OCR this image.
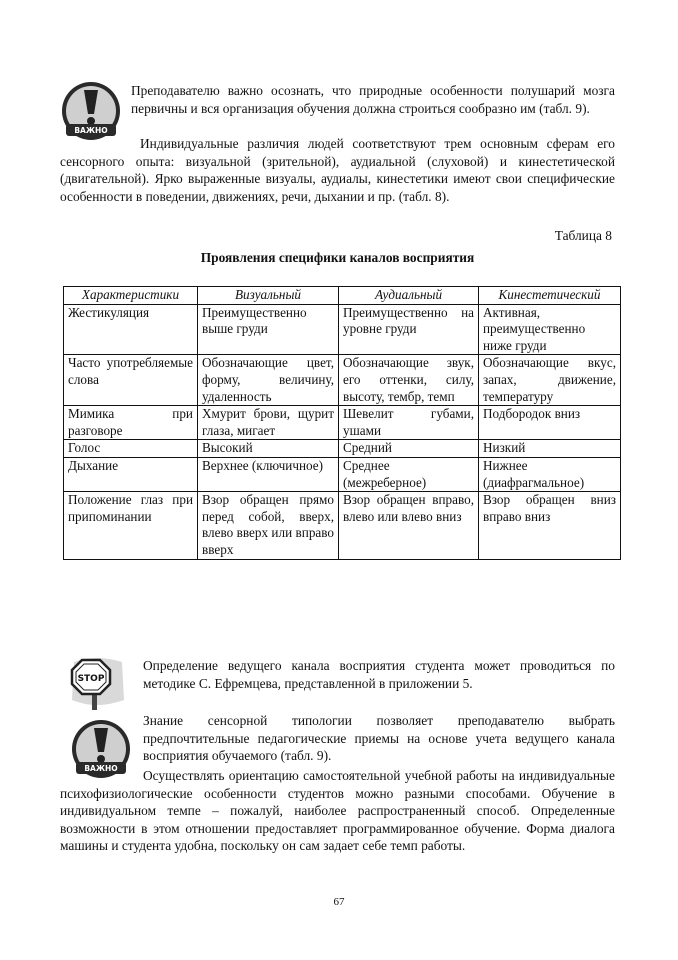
ВАЖНО

Преподавателю важно осознать, что природные особенности полушарий мозга первичны и вся организация обучения должна строиться сообразно им (табл. 9).

Индивидуальные различия людей соответствуют трем основным сферам его сенсорного опыта: визуальной (зрительной), аудиальной (слуховой) и кинестетической (двигательной). Ярко выраженные визуалы, аудиалы, кинестетики имеют свои специфические особенности в поведении, движениях, речи, дыхании и пр. (табл. 8).

Таблица 8

Проявления специфики каналов восприятия

Характеристики	Визуальный	Аудиальный	Кинестетический
Жестикуляция	Преимущественно выше груди	Преимущественно на уровне груди	Активная, преимущественно ниже груди
Часто употребляемые слова	Обозначающие цвет, форму, величину, удаленность	Обозначающие звук, его оттенки, силу, высоту, тембр, темп	Обозначающие вкус, запах, движение, температуру
Мимика при разговоре	Хмурит брови, щурит глаза, мигает	Шевелит губами, ушами	Подбородок вниз
Голос	Высокий	Средний	Низкий
Дыхание	Верхнее (ключичное)	Среднее (межреберное)	Нижнее (диафрагмальное)
Положение глаз при припоминании	Взор обращен прямо перед собой, вверх, влево вверх или вправо вверх	Взор обращен вправо, влево или влево вниз	Взор обращен вниз вправо вниз
STOP

Определение ведущего канала восприятия студента может проводиться по методике С. Ефремцева, представленной в приложении 5.

ВАЖНО

Знание сенсорной типологии позволяет преподавателю выбрать предпочтительные педагогические приемы на основе учета ведущего канала восприятия обучаемого (табл. 9).

Осуществлять ориентацию самостоятельной учебной работы на индивидуальные психофизиологические особенности студентов можно разными способами. Обучение в индивидуальном темпе – пожалуй, наиболее распространенный способ. Определенные возможности в этом отношении предоставляет программированное обучение. Форма диалога машины и студента удобна, поскольку он сам задает себе темп работы.

67
